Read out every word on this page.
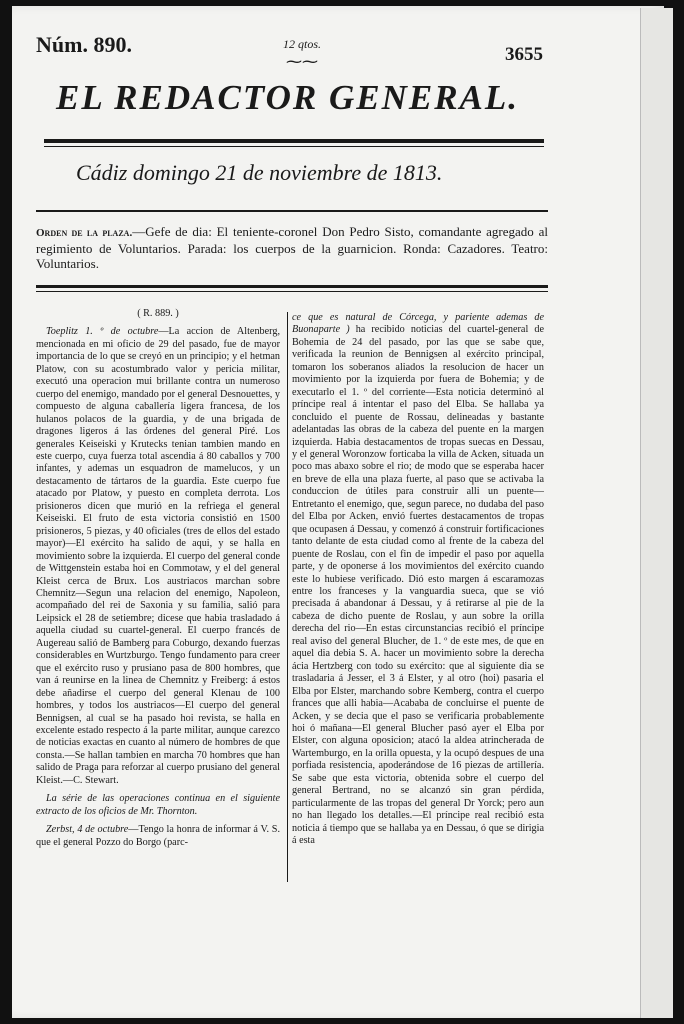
Núm. 890.	12 qtos.
⁓⁓	3655
EL REDACTOR GENERAL.
Cádiz domingo 21 de noviembre de 1813.
Orden de la plaza.—Gefe de dia: El teniente-coronel Don Pedro Sisto, comandante agregado al regimiento de Voluntarios. Parada: los cuerpos de la guarnicion. Ronda: Cazadores. Teatro: Voluntarios.

( R. 889. )

Toeplitz 1. º de octubre—La accion de Altenberg, mencionada en mi oficio de 29 del pasado, fue de mayor importancia de lo que se creyó en un principio; y el hetman Platow, con su acostumbrado valor y pericia militar, executó una operacion mui brillante contra un numeroso cuerpo del enemigo, mandado por el general Desnouettes, y compuesto de alguna caballería ligera francesa, de los hulanos polacos de la guardia, y de una brigada de dragones ligeros á las órdenes del general Piré. Los generales Keiseiski y Krutecks tenian tambien mando en este cuerpo, cuya fuerza total ascendia á 80 caballos y 700 infantes, y ademas un esquadron de mamelucos, y un destacamento de tártaros de la guardia. Este cuerpo fue atacado por Platow, y puesto en completa derrota. Los prisioneros dicen que murió en la refriega el general Keiseiski. El fruto de esta victoria consistió en 1500 prisioneros, 5 piezas, y 40 oficiales (tres de ellos del estado mayor)—El exército ha salido de aqui, y se halla en movimiento sobre la izquierda. El cuerpo del general conde de Wittgenstein estaba hoi en Commotaw, y el del general Kleist cerca de Brux. Los austriacos marchan sobre Chemnitz—Segun una relacion del enemigo, Napoleon, acompañado del rei de Saxonia y su familia, salió para Leipsick el 28 de setiembre; dicese que habia trasladado á aquella ciudad su cuartel-general. El cuerpo francés de Augereau salió de Bamberg para Coburgo, dexando fuerzas considerables en Wurtzburgo. Tengo fundamento para creer que el exército ruso y prusiano pasa de 800 hombres, que van á reunirse en la linea de Chemnitz y Freiberg: á estos debe añadirse el cuerpo del general Klenau de 100 hombres, y todos los austriacos—El cuerpo del general Bennigsen, al cual se ha pasado hoi revista, se halla en excelente estado respecto á la parte militar, aunque carezco de noticias exactas en cuanto al número de hombres de que consta.—Se hallan tambien en marcha 70 hombres que han salido de Praga para reforzar al cuerpo prusiano del general Kleist.—C. Stewart.

La série de las operaciones continua en el siguiente extracto de los oficios de Mr. Thornton.

Zerbst, 4 de octubre—Tengo la honra de informar á V. S. que el general Pozzo do Borgo (parc-

ce que es natural de Córcega, y pariente ademas de Buonaparte ) ha recibido noticias del cuartel-general de Bohemia de 24 del pasado, por las que se sabe que, verificada la reunion de Bennigsen al exército principal, tomaron los soberanos aliados la resolucion de hacer un movimiento por la izquierda por fuera de Bohemia; y de executarlo el 1. º del corriente—Esta noticia determinó al príncipe real á intentar el paso del Elba. Se hallaba ya concluido el puente de Rossau, delineadas y bastante adelantadas las obras de la cabeza del puente en la margen izquierda. Habia destacamentos de tropas suecas en Dessau, y el general Woronzow forticaba la villa de Acken, situada un poco mas abaxo sobre el rio; de modo que se esperaba hacer en breve de ella una plaza fuerte, al paso que se activaba la conduccion de útiles para construir alli un puente—Entretanto el enemigo, que, segun parece, no dudaba del paso del Elba por Acken, envió fuertes destacamentos de tropas que ocupasen á Dessau, y comenzó á construir fortificaciones tanto delante de esta ciudad como al frente de la cabeza del puente de Roslau, con el fin de impedir el paso por aquella parte, y de oponerse á los movimientos del exército cuando este lo hubiese verificado. Dió esto margen á escaramozas entre los franceses y la vanguardia sueca, que se vió precisada á abandonar á Dessau, y á retirarse al pie de la cabeza de dicho puente de Roslau, y aun sobre la orilla derecha del rio—En estas circunstancias recibió el príncipe real aviso del general Blucher, de 1. º de este mes, de que en aquel dia debia S. A. hacer un movimiento sobre la derecha ácia Hertzberg con todo su exército: que al siguiente dia se trasladaria á Jesser, el 3 á Elster, y al otro (hoi) pasaria el Elba por Elster, marchando sobre Kemberg, contra el cuerpo frances que alli habia—Acababa de concluirse el puente de Acken, y se decia que el paso se verificaria probablemente hoi ó mañana—El general Blucher pasó ayer el Elba por Elster, con alguna oposicion; atacó la aldea atrincherada de Wartemburgo, en la orilla opuesta, y la ocupó despues de una porfiada resistencia, apoderándose de 16 piezas de artillería. Se sabe que esta victoria, obtenida sobre el cuerpo del general Bertrand, no se alcanzó sin gran pérdida, particularmente de las tropas del general Dr Yorck; pero aun no han llegado los detalles.—El príncipe real recibió esta noticia á tiempo que se hallaba ya en Dessau, ó que se dirigia á esta
